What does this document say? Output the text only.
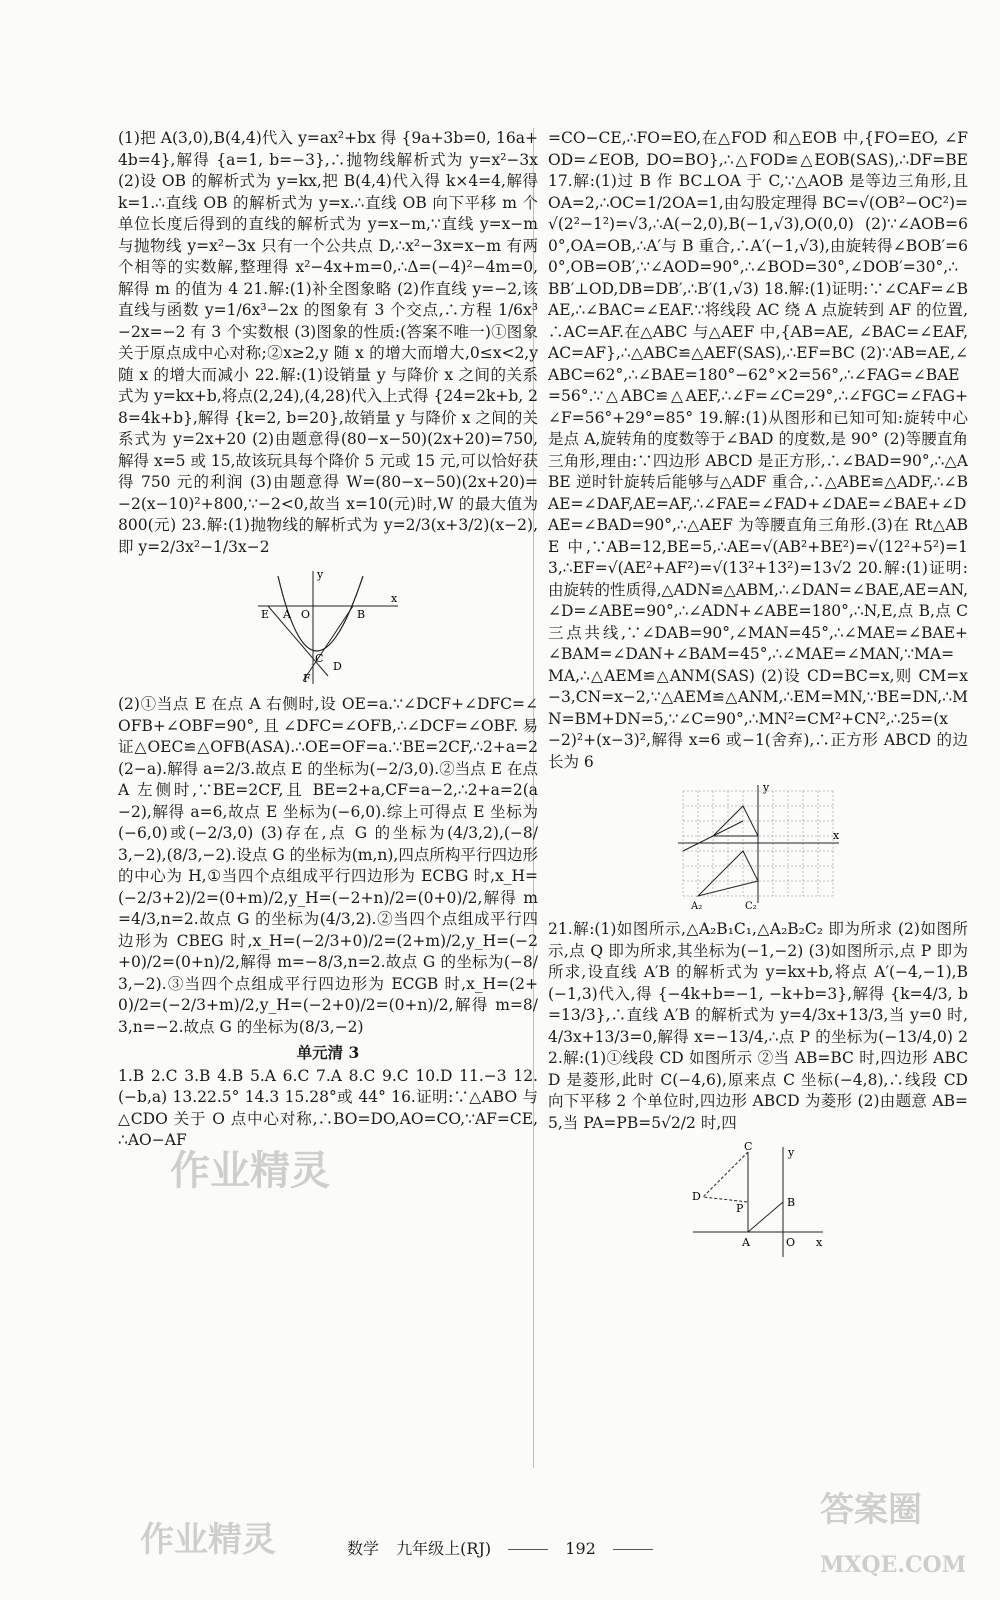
(1)把 A(3,0),B(4,4)代入 y=ax²+bx 得 {9a+3b=0, 16a+4b=4},解得 {a=1, b=−3},∴抛物线解析式为 y=x²−3x (2)设 OB 的解析式为 y=kx,把 B(4,4)代入得 k×4=4,解得 k=1.∴直线 OB 的解析式为 y=x.∴直线 OB 向下平移 m 个单位长度后得到的直线的解析式为 y=x−m,∵直线 y=x−m 与抛物线 y=x²−3x 只有一个公共点 D,∴x²−3x=x−m 有两个相等的实数解,整理得 x²−4x+m=0,∴Δ=(−4)²−4m=0,解得 m 的值为 4 21.解:(1)补全图象略 (2)作直线 y=−2,该直线与函数 y=1/6x³−2x 的图象有 3 个交点,∴方程 1/6x³−2x=−2 有 3 个实数根 (3)图象的性质:(答案不唯一)①图象关于原点成中心对称;②x≥2,y 随 x 的增大而增大,0≤x<2,y 随 x 的增大而减小 22.解:(1)设销量 y 与降价 x 之间的关系式为 y=kx+b,将点(2,24),(4,28)代入上式得 {24=2k+b, 28=4k+b},解得 {k=2, b=20},故销量 y 与降价 x 之间的关系式为 y=2x+20 (2)由题意得(80−x−50)(2x+20)=750,解得 x=5 或 15,故该玩具每个降价 5 元或 15 元,可以恰好获得 750 元的利润 (3)由题意得 W=(80−x−50)(2x+20)=−2(x−10)²+800,∵−2<0,故当 x=10(元)时,W 的最大值为 800(元) 23.解:(1)抛物线的解析式为 y=2/3(x+3/2)(x−2),即 y=2/3x²−1/3x−2

y
x
E A O	B
C
D
F

(2)①当点 E 在点 A 右侧时,设 OE=a.∵∠DCF+∠DFC=∠OFB+∠OBF=90°,且∠DFC=∠OFB,∴∠DCF=∠OBF.易证△OEC≌△OFB(ASA).∴OE=OF=a.∵BE=2CF,∴2+a=2(2−a).解得 a=2/3.故点 E 的坐标为(−2/3,0).②当点 E 在点 A 左侧时,∵BE=2CF,且 BE=2+a,CF=a−2,∴2+a=2(a−2),解得 a=6,故点 E 坐标为(−6,0).综上可得点 E 坐标为(−6,0)或(−2/3,0) (3)存在,点 G 的坐标为(4/3,2),(−8/3,−2),(8/3,−2).设点 G 的坐标为(m,n),四点所构平行四边形的中心为 H,①当四个点组成平行四边形为 ECBG 时,x_H=(−2/3+2)/2=(0+m)/2,y_H=(−2+n)/2=(0+0)/2,解得 m=4/3,n=2.故点 G 的坐标为(4/3,2).②当四个点组成平行四边形为 CBEG 时,x_H=(−2/3+0)/2=(2+m)/2,y_H=(−2+0)/2=(0+n)/2,解得 m=−8/3,n=2.故点 G 的坐标为(−8/3,−2).③当四个点组成平行四边形为 ECGB 时,x_H=(2+0)/2=(−2/3+m)/2,y_H=(−2+0)/2=(0+n)/2,解得 m=8/3,n=−2.故点 G 的坐标为(8/3,−2)

单元清 3

1.B 2.C 3.B 4.B 5.A 6.C 7.A 8.C 9.C 10.D 11.−3 12.(−b,a) 13.22.5° 14.3 15.28°或 44° 16.证明:∵△ABO 与△CDO 关于 O 点中心对称,∴BO=DO,AO=CO,∵AF=CE,∴AO−AF

=CO−CE,∴FO=EO,在△FOD 和△EOB 中,{FO=EO, ∠FOD=∠EOB, DO=BO},∴△FOD≌△EOB(SAS),∴DF=BE 17.解:(1)过 B 作 BC⊥OA 于 C,∵△AOB 是等边三角形,且 OA=2,∴OC=1/2OA=1,由勾股定理得 BC=√(OB²−OC²)=√(2²−1²)=√3,∴A(−2,0),B(−1,√3),O(0,0) (2)∵∠AOB=60°,OA=OB,∴A′与 B 重合,∴A′(−1,√3),由旋转得∠BOB′=60°,OB=OB′,∵∠AOD=90°,∴∠BOD=30°,∠DOB′=30°,∴BB′⊥OD,DB=DB′,∴B′(1,√3) 18.解:(1)证明:∵∠CAF=∠BAE,∴∠BAC=∠EAF.∵将线段 AC 绕 A 点旋转到 AF 的位置,∴AC=AF.在△ABC 与△AEF 中,{AB=AE, ∠BAC=∠EAF, AC=AF},∴△ABC≌△AEF(SAS),∴EF=BC (2)∵AB=AE,∠ABC=62°,∴∠BAE=180°−62°×2=56°,∴∠FAG=∠BAE=56°.∵△ABC≌△AEF,∴∠F=∠C=29°,∴∠FGC=∠FAG+∠F=56°+29°=85° 19.解:(1)从图形和已知可知:旋转中心是点 A,旋转角的度数等于∠BAD 的度数,是 90° (2)等腰直角三角形,理由:∵四边形 ABCD 是正方形,∴∠BAD=90°,∴△ABE 逆时针旋转后能够与△ADF 重合,∴△ABE≌△ADF,∴∠BAE=∠DAF,AE=AF,∴∠FAE=∠FAD+∠DAE=∠BAE+∠DAE=∠BAD=90°,∴△AEF 为等腰直角三角形.(3)在 Rt△ABE 中,∵AB=12,BE=5,∴AE=√(AB²+BE²)=√(12²+5²)=13,∴EF=√(AE²+AF²)=√(13²+13²)=13√2 20.解:(1)证明:由旋转的性质得,△ADN≌△ABM,∴∠DAN=∠BAE,AE=AN,∠D=∠ABE=90°,∴∠ADN+∠ABE=180°,∴N,E,点 B,点 C 三点共线,∵∠DAB=90°,∠MAN=45°,∴∠MAE=∠BAE+∠BAM=∠DAN+∠BAM=45°,∴∠MAE=∠MAN,∵MA=MA,∴△AEM≌△ANM(SAS) (2)设 CD=BC=x,则 CM=x−3,CN=x−2,∵△AEM≌△ANM,∴EM=MN,∵BE=DN,∴MN=BM+DN=5,∵∠C=90°,∴MN²=CM²+CN²,∴25=(x−2)²+(x−3)²,解得 x=6 或−1(舍弃),∴正方形 ABCD 的边长为 6

y
x
A₂	C₂

21.解:(1)如图所示,△A₂B₁C₁,△A₂B₂C₂ 即为所求 (2)如图所示,点 Q 即为所求,其坐标为(−1,−2) (3)如图所示,点 P 即为所求,设直线 A′B 的解析式为 y=kx+b,将点 A′(−4,−1),B(−1,3)代入,得 {−4k+b=−1, −k+b=3},解得 {k=4/3, b=13/3},∴直线 A′B 的解析式为 y=4/3x+13/3,当 y=0 时,4/3x+13/3=0,解得 x=−13/4,∴点 P 的坐标为(−13/4,0) 22.解:(1)①线段 CD 如图所示 ②当 AB=BC 时,四边形 ABCD 是菱形,此时 C(−4,6),原来点 C 坐标(−4,8),∴线段 CD 向下平移 2 个单位时,四边形 ABCD 为菱形 (2)由题意 AB=5,当 PA=PB=5√2/2 时,四

C	y
D
P	B
A	O x
作业精灵
作业精灵
答案圈
MXQE.COM
数学 九年级上(RJ)	192
